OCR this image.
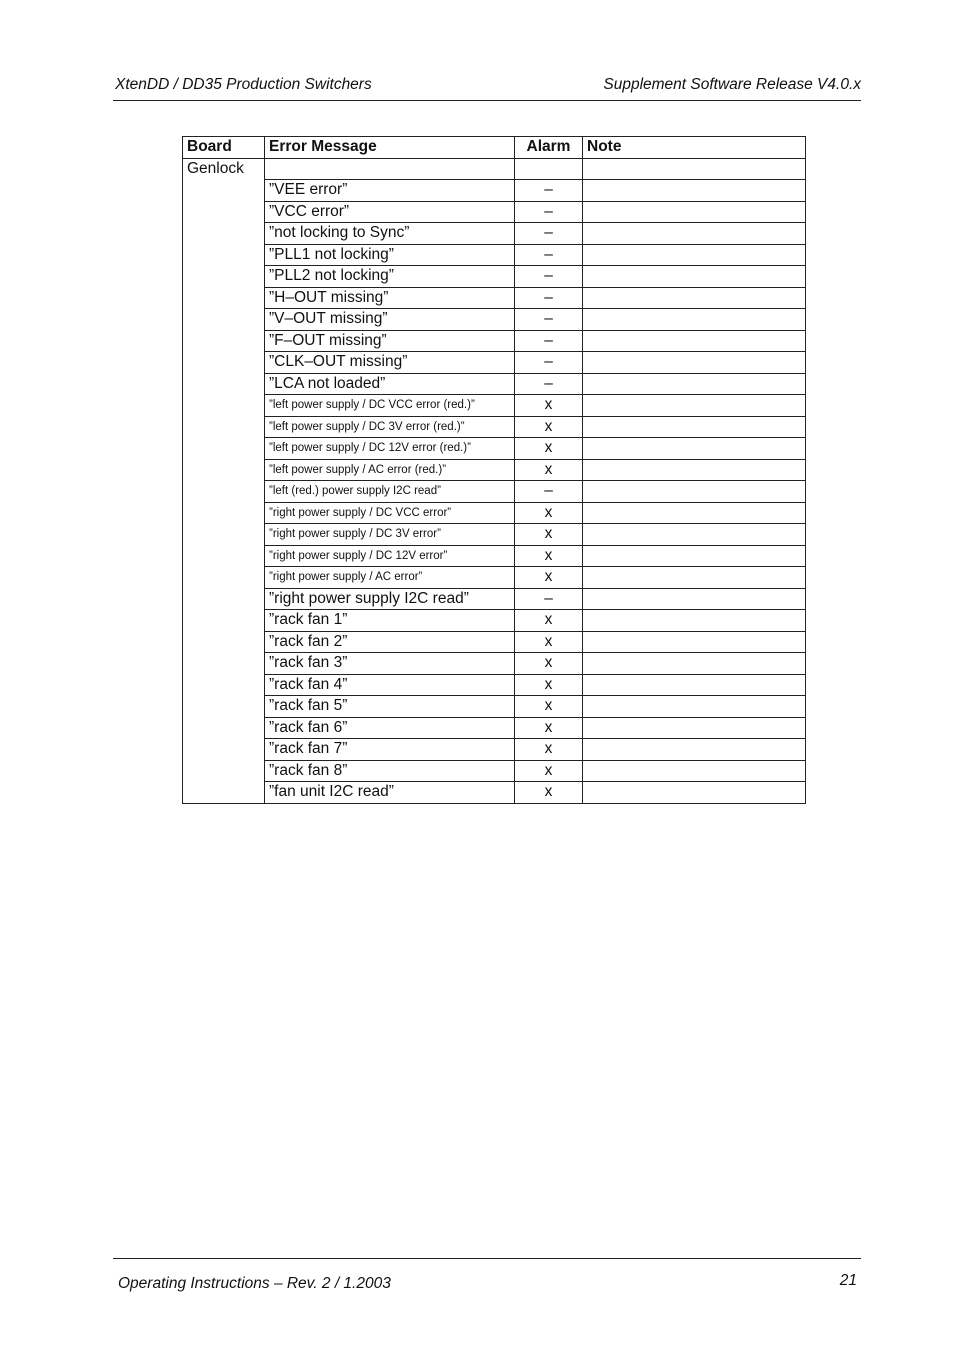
XtenDD / DD35 Production Switchers	Supplement Software Release V4.0.x
Board	Error Message	Alarm	Note
Genlock			
	”VEE error”	–	
	”VCC error”	–	
	”not locking to Sync”	–	
	”PLL1 not locking”	–	
	”PLL2 not locking”	–	
	”H–OUT missing”	–	
	”V–OUT missing”	–	
	”F–OUT missing”	–	
	”CLK–OUT missing”	–	
	”LCA not loaded”	–	
	”left power supply / DC VCC error (red.)”	x	
	”left power supply / DC 3V error (red.)”	x	
	”left power supply / DC 12V error (red.)”	x	
	”left power supply / AC error (red.)”	x	
	”left (red.) power supply I2C read”	–	
	”right power supply / DC VCC error”	x	
	”right power supply / DC 3V error”	x	
	”right power supply / DC 12V error”	x	
	”right power supply / AC error”	x	
	”right power supply I2C read”	–	
	”rack fan 1”	x	
	”rack fan 2”	x	
	”rack fan 3”	x	
	”rack fan 4”	x	
	”rack fan 5”	x	
	”rack fan 6”	x	
	”rack fan 7”	x	
	”rack fan 8”	x	
	”fan unit I2C read”	x	
Operating Instructions – Rev. 2 / 1.2003	21
